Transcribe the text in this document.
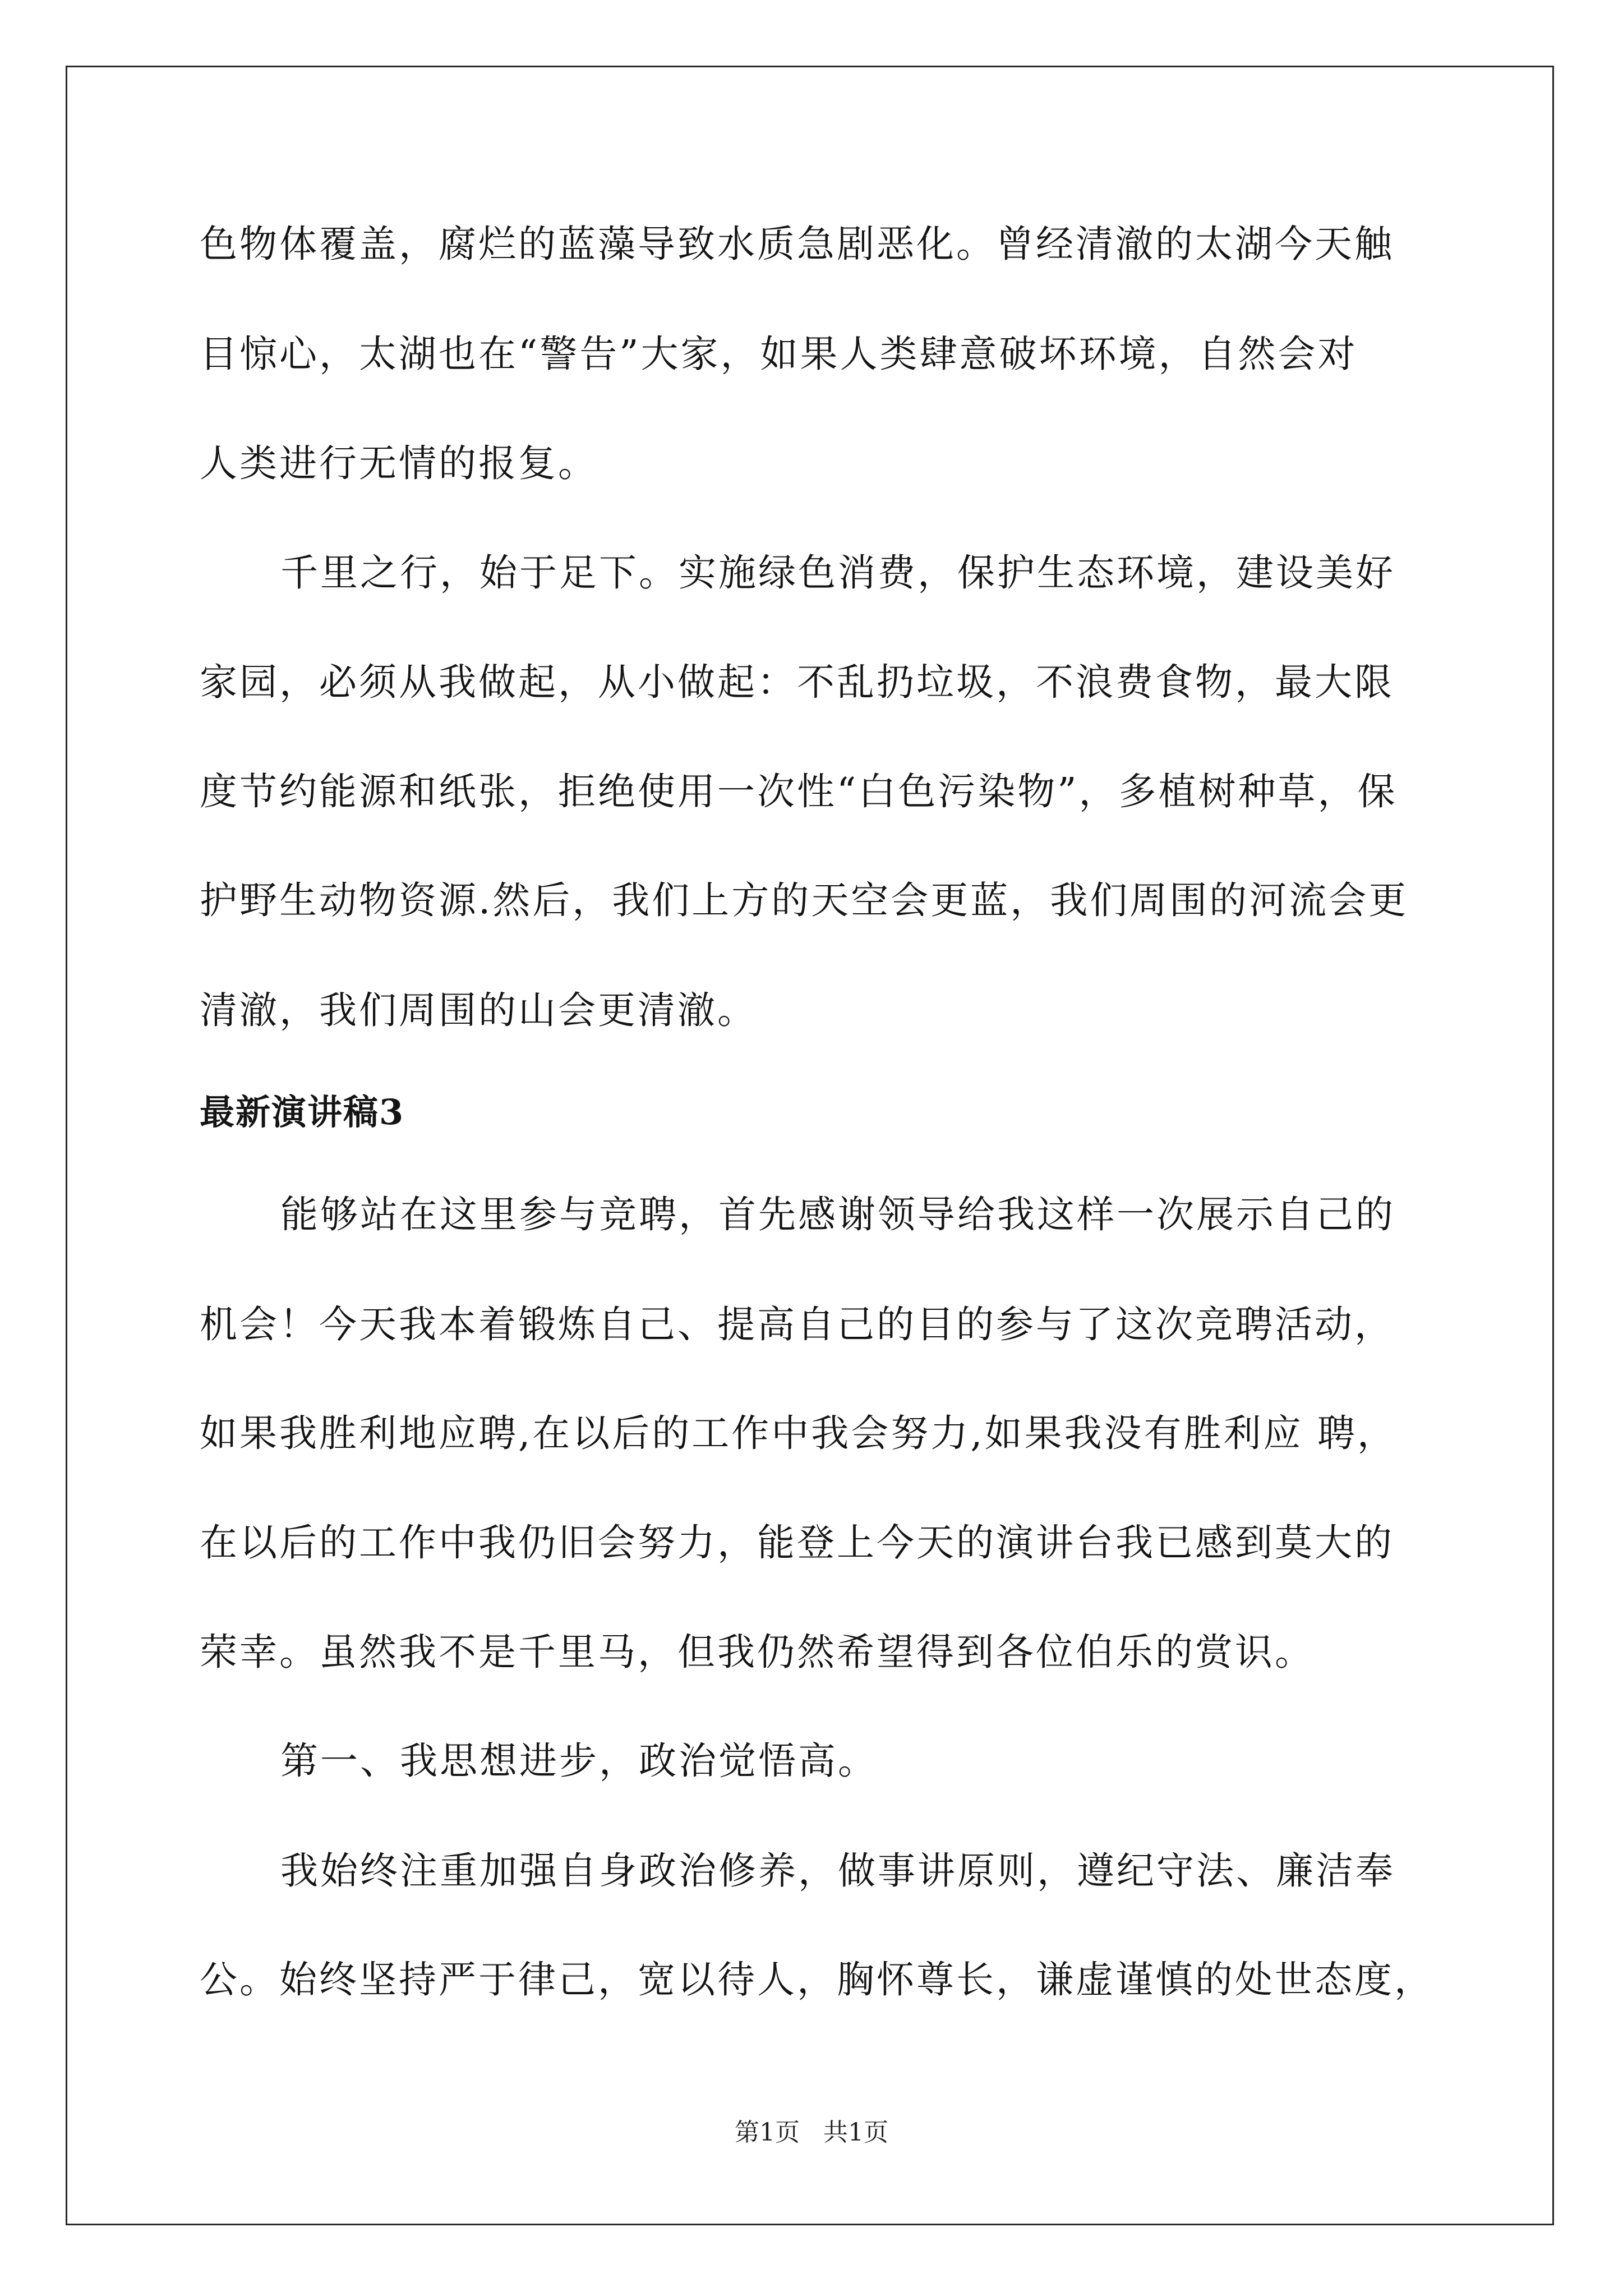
色物体覆盖，腐烂的蓝藻导致水质急剧恶化。曾经清澈的太湖今天触

目惊心，太湖也在“警告”大家，如果人类肆意破坏环境，自然会对

人类进行无情的报复。

千里之行，始于足下。实施绿色消费，保护生态环境，建设美好

家园，必须从我做起，从小做起：不乱扔垃圾，不浪费食物，最大限

度节约能源和纸张，拒绝使用一次性“白色污染物”，多植树种草，保

护野生动物资源.然后，我们上方的天空会更蓝，我们周围的河流会更

清澈，我们周围的山会更清澈。

最新演讲稿3

能够站在这里参与竞聘，首先感谢领导给我这样一次展示自己的

机会！今天我本着锻炼自己、提高自己的目的参与了这次竞聘活动，

如果我胜利地应聘,在以后的工作中我会努力,如果我没有胜利应 聘，

在以后的工作中我仍旧会努力，能登上今天的演讲台我已感到莫大的

荣幸。虽然我不是千里马，但我仍然希望得到各位伯乐的赏识。

第一、我思想进步，政治觉悟高。

我始终注重加强自身政治修养，做事讲原则，遵纪守法、廉洁奉

公。始终坚持严于律己，宽以待人，胸怀尊长，谦虚谨慎的处世态度，

第1页   共1页
